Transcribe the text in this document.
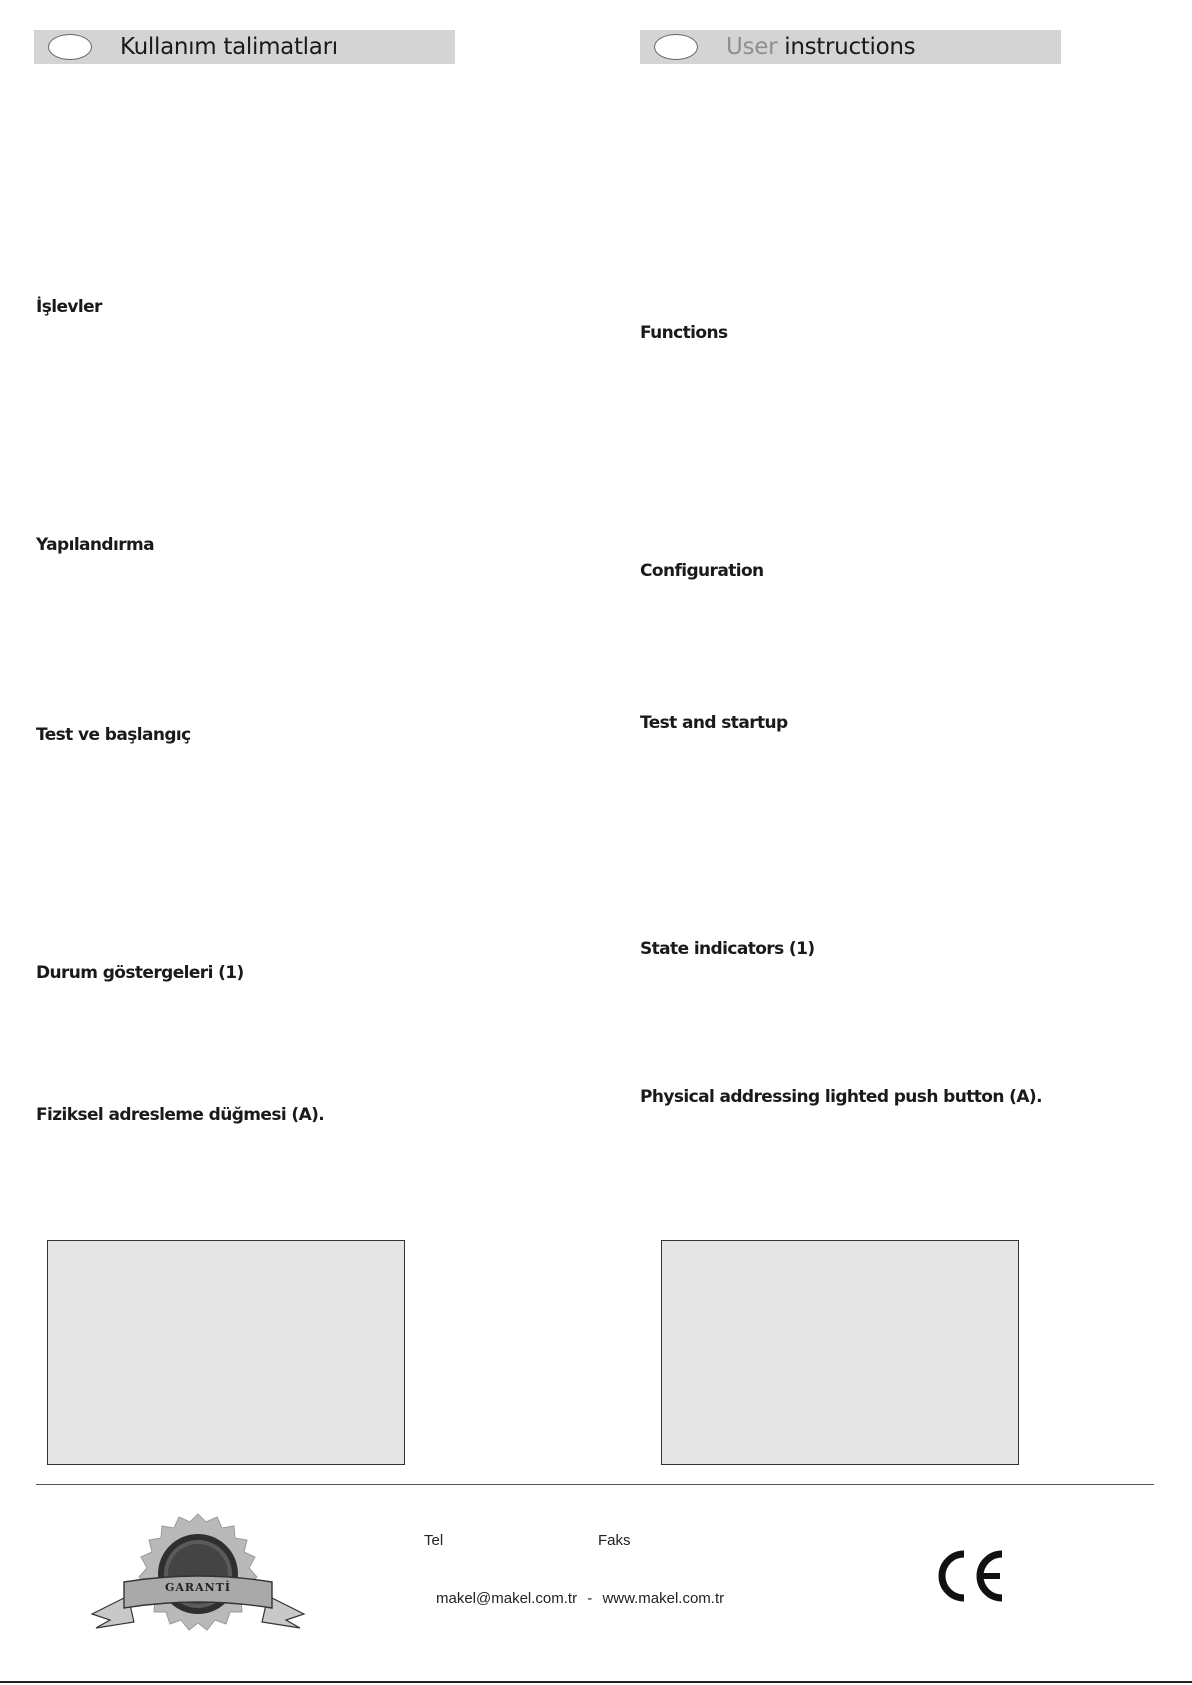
Kullanım talimatları
İşlevler
Yapılandırma
Test ve başlangıç
Durum göstergeleri (1)
Fiziksel adresleme düğmesi (A).
User instructions
Functions
Configuration
Test and startup
State indicators (1)
Physical addressing lighted push button (A).
GARANTİ
Tel	Faks
makel@makel.com.tr - www.makel.com.tr
